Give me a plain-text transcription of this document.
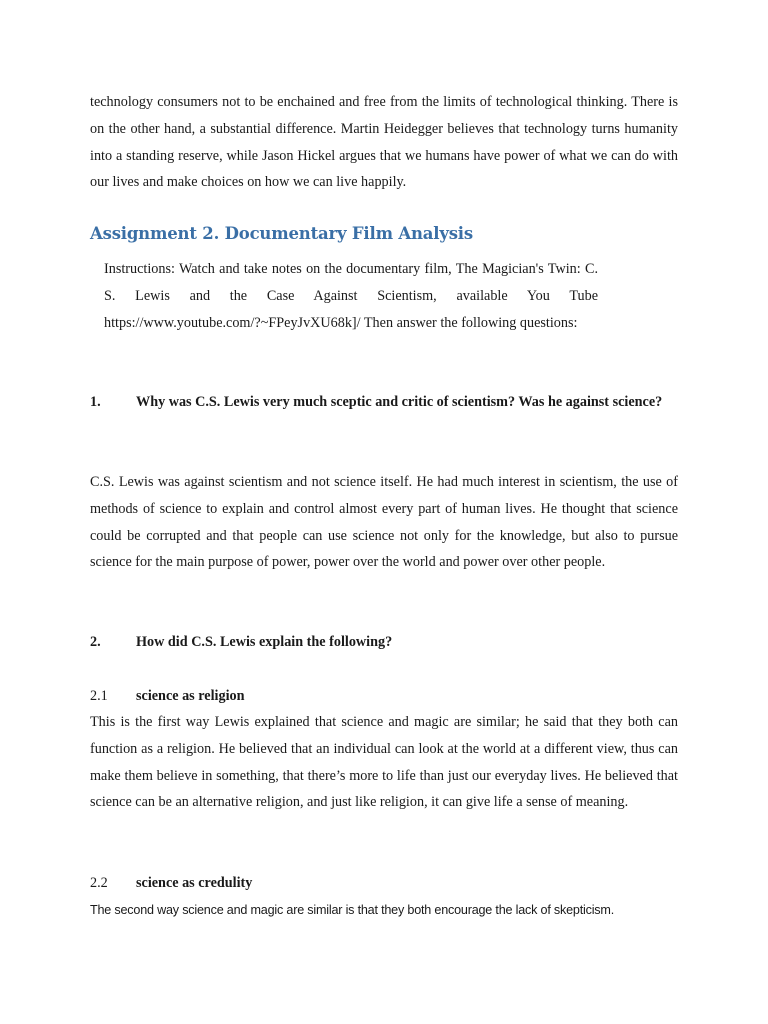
technology consumers not to be enchained and free from the limits of technological thinking. There is on the other hand, a substantial difference. Martin Heidegger believes that technology turns humanity into a standing reserve, while Jason Hickel argues that we humans have power of what we can do with our lives and make choices on how we can live happily.

Assignment 2. Documentary Film Analysis

Instructions: Watch and take notes on the documentary film, The Magician's Twin: C. S. Lewis and the Case Against Scientism, available You Tube https://www.youtube.com/?~FPeyJvXU68k]/ Then answer the following questions:

1. Why was C.S. Lewis very much sceptic and critic of scientism? Was he against science?

C.S. Lewis was against scientism and not science itself. He had much interest in scientism, the use of methods of science to explain and control almost every part of human lives. He thought that science could be corrupted and that people can use science not only for the knowledge, but also to pursue science for the main purpose of power, power over the world and power over other people.

2. How did C.S. Lewis explain the following?

2.1 science as religion

This is the first way Lewis explained that science and magic are similar; he said that they both can function as a religion. He believed that an individual can look at the world at a different view, thus can make them believe in something, that there’s more to life than just our everyday lives. He believed that science can be an alternative religion, and just like religion, it can give life a sense of meaning.

2.2 science as credulity

The second way science and magic are similar is that they both encourage the lack of skepticism.
